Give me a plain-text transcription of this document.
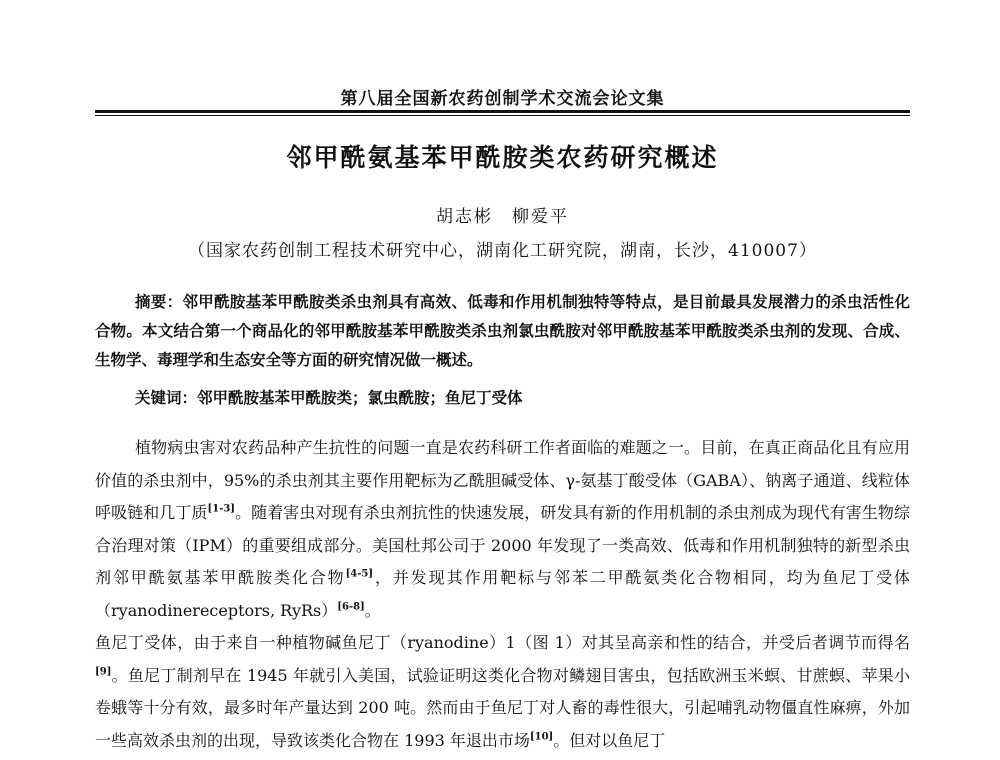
第八届全国新农药创制学术交流会论文集
邻甲酰氨基苯甲酰胺类农药研究概述
胡志彬　柳爱平
（国家农药创制工程技术研究中心，湖南化工研究院，湖南，长沙，410007）
摘要：邻甲酰胺基苯甲酰胺类杀虫剂具有高效、低毒和作用机制独特等特点，是目前最具发展潜力的杀虫活性化合物。本文结合第一个商品化的邻甲酰胺基苯甲酰胺类杀虫剂氯虫酰胺对邻甲酰胺基苯甲酰胺类杀虫剂的发现、合成、生物学、毒理学和生态安全等方面的研究情况做一概述。
关键词：邻甲酰胺基苯甲酰胺类；氯虫酰胺；鱼尼丁受体

植物病虫害对农药品种产生抗性的问题一直是农药科研工作者面临的难题之一。目前，在真正商品化且有应用价值的杀虫剂中，95%的杀虫剂其主要作用靶标为乙酰胆碱受体、γ-氨基丁酸受体（GABA）、钠离子通道、线粒体呼吸链和几丁质[1-3]。随着害虫对现有杀虫剂抗性的快速发展，研发具有新的作用机制的杀虫剂成为现代有害生物综合治理对策（IPM）的重要组成部分。美国杜邦公司于 2000 年发现了一类高效、低毒和作用机制独特的新型杀虫剂邻甲酰氨基苯甲酰胺类化合物[4-5]，并发现其作用靶标与邻苯二甲酰氨类化合物相同，均为鱼尼丁受体（ryanodinereceptors, RyRs）[6-8]。

鱼尼丁受体，由于来自一种植物碱鱼尼丁（ryanodine）1（图 1）对其呈高亲和性的结合，并受后者调节而得名[9]。鱼尼丁制剂早在 1945 年就引入美国，试验证明这类化合物对鳞翅目害虫，包括欧洲玉米螟、甘蔗螟、苹果小卷蛾等十分有效，最多时年产量达到 200 吨。然而由于鱼尼丁对人畜的毒性很大，引起哺乳动物僵直性麻痹，外加一些高效杀虫剂的出现，导致该类化合物在 1993 年退出市场[10]。但对以鱼尼丁
